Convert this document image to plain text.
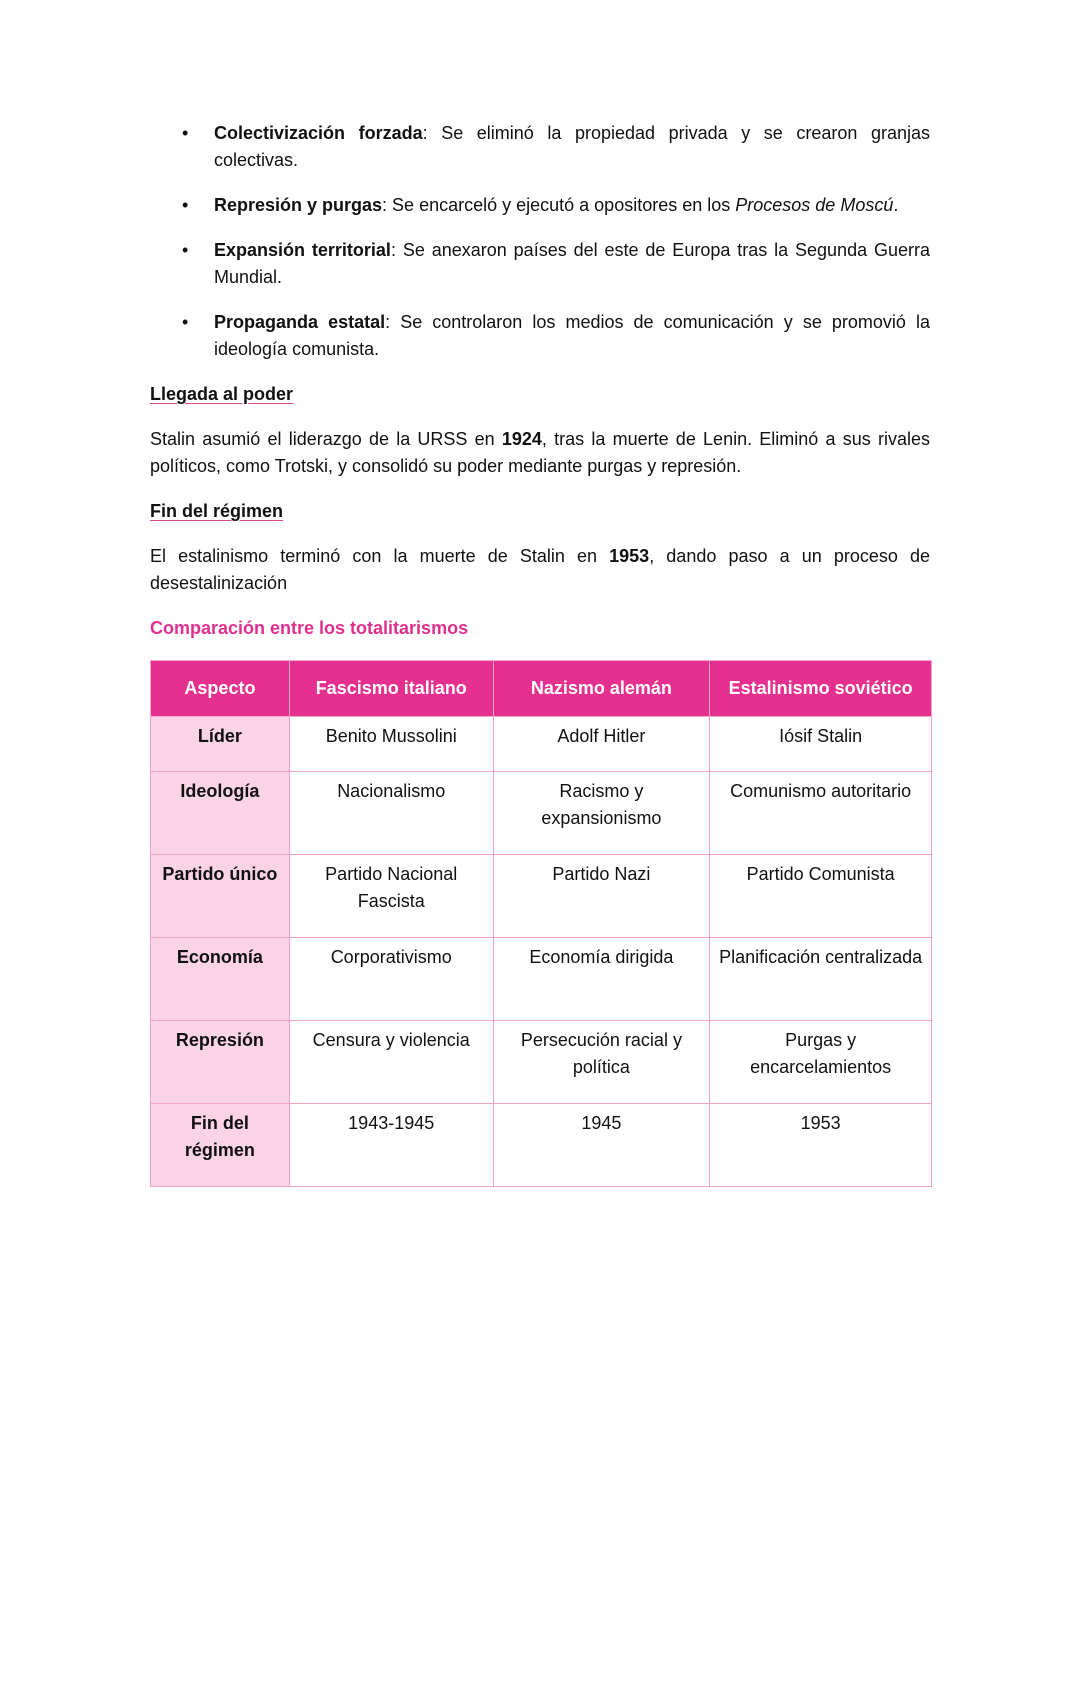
• Colectivización forzada: Se eliminó la propiedad privada y se crearon granjas colectivas.
• Represión y purgas: Se encarceló y ejecutó a opositores en los Procesos de Moscú.
• Expansión territorial: Se anexaron países del este de Europa tras la Segunda Guerra Mundial.
• Propaganda estatal: Se controlaron los medios de comunicación y se promovió la ideología comunista.
Llegada al poder

Stalin asumió el liderazgo de la URSS en 1924, tras la muerte de Lenin. Eliminó a sus rivales políticos, como Trotski, y consolidó su poder mediante purgas y represión.

Fin del régimen

El estalinismo terminó con la muerte de Stalin en 1953, dando paso a un proceso de desestalinización

Comparación entre los totalitarismos
Aspecto	Fascismo italiano	Nazismo alemán	Estalinismo soviético
Líder	Benito Mussolini	Adolf Hitler	Iósif Stalin
Ideología	Nacionalismo	Racismo y expansionismo	Comunismo autoritario
Partido único	Partido Nacional Fascista	Partido Nazi	Partido Comunista
Economía	Corporativismo	Economía dirigida	Planificación centralizada
Represión	Censura y violencia	Persecución racial y política	Purgas y encarcelamientos
Fin del régimen	1943-1945	1945	1953
